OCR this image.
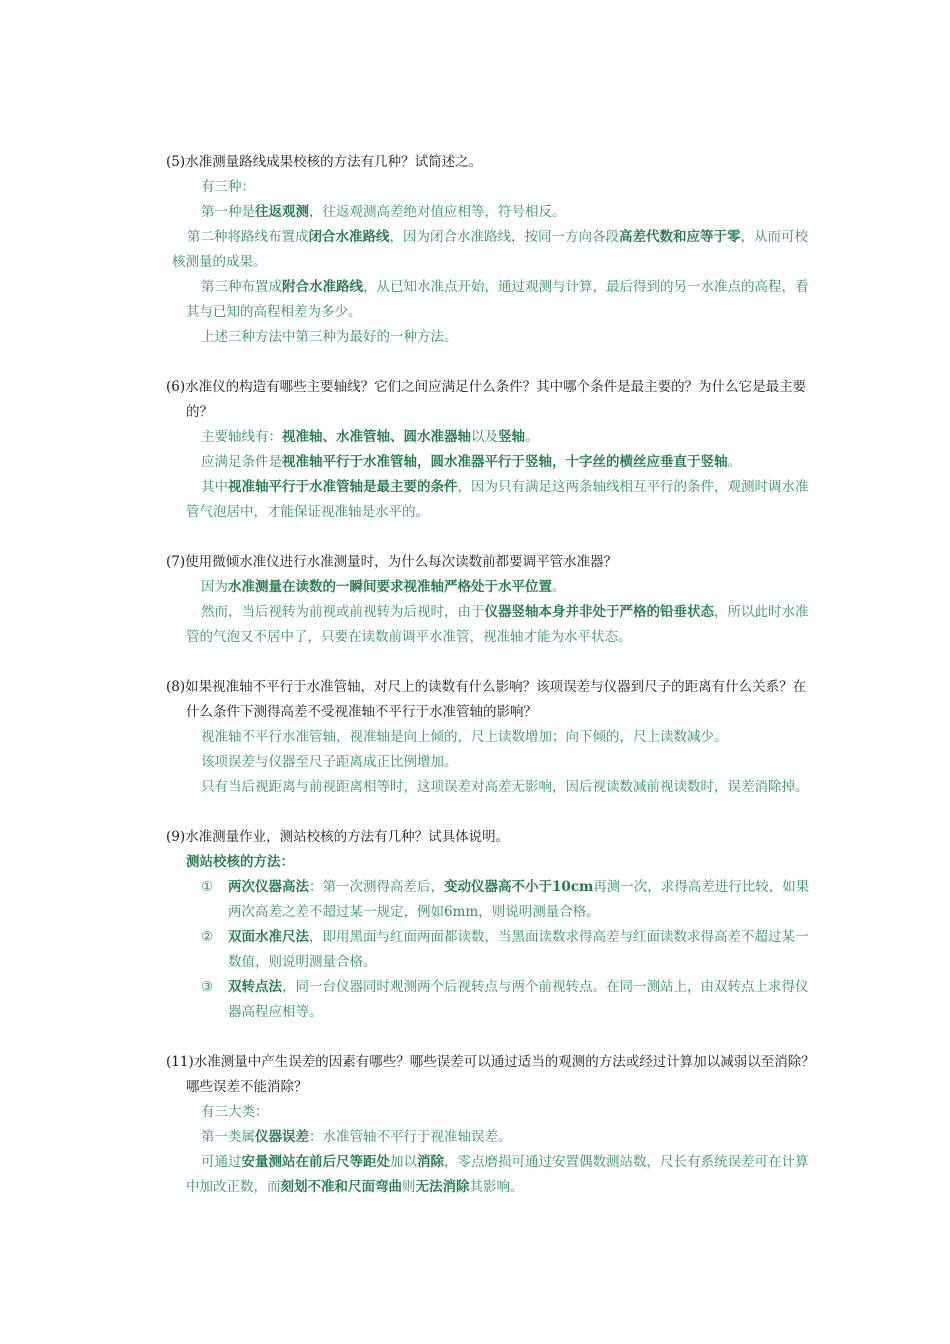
(5)水准测量路线成果校核的方法有几种？试简述之。

有三种：

第一种是往返观测，往返观测高差绝对值应相等，符号相反。

第二种将路线布置成闭合水准路线，因为闭合水准路线，按同一方向各段高差代数和应等于零，从而可校核测量的成果。

第三种布置成附合水准路线，从已知水准点开始，通过观测与计算，最后得到的另一水准点的高程，看其与已知的高程相差为多少。

上述三种方法中第三种为最好的一种方法。

(6)水准仪的构造有哪些主要轴线？它们之间应满足什么条件？其中哪个条件是最主要的？为什么它是最主要的？

主要轴线有：视准轴、水准管轴、圆水准器轴以及竖轴。

应满足条件是视准轴平行于水准管轴，圆水准器平行于竖轴，十字丝的横丝应垂直于竖轴。

其中视准轴平行于水准管轴是最主要的条件，因为只有满足这两条轴线相互平行的条件，观测时调水准管气泡居中，才能保证视准轴是水平的。

(7)使用微倾水准仪进行水准测量时，为什么每次读数前都要调平管水准器？

因为水准测量在读数的一瞬间要求视准轴严格处于水平位置。

然而，当后视转为前视或前视转为后视时，由于仪器竖轴本身并非处于严格的铅垂状态，所以此时水准管的气泡又不居中了，只要在读数前调平水准管，视准轴才能为水平状态。

(8)如果视准轴不平行于水准管轴，对尺上的读数有什么影响？该项误差与仪器到尺子的距离有什么关系？在什么条件下测得高差不受视准轴不平行于水准管轴的影响？

视准轴不平行水准管轴，视准轴是向上倾的，尺上读数增加；向下倾的，尺上读数减少。

该项误差与仪器至尺子距离成正比例增加。

只有当后视距离与前视距离相等时，这项误差对高差无影响，因后视读数减前视读数时，误差消除掉。

(9)水准测量作业，测站校核的方法有几种？试具体说明。

测站校核的方法：

① 两次仪器高法：第一次测得高差后，变动仪器高不小于10cm再测一次，求得高差进行比较，如果两次高差之差不超过某一规定，例如6mm，则说明测量合格。

② 双面水准尺法，即用黑面与红面两面都读数，当黑面读数求得高差与红面读数求得高差不超过某一数值，则说明测量合格。

③ 双转点法，同一台仪器同时观测两个后视转点与两个前视转点。在同一测站上，由双转点上求得仪器高程应相等。

(11)水准测量中产生误差的因素有哪些？哪些误差可以通过适当的观测的方法或经过计算加以减弱以至消除？哪些误差不能消除？

有三大类：

第一类属仪器误差：水准管轴不平行于视准轴误差。

可通过安量测站在前后尺等距处加以消除，零点磨损可通过安置偶数测站数，尺长有系统误差可在计算中加改正数，而刻划不准和尺面弯曲则无法消除其影响。
